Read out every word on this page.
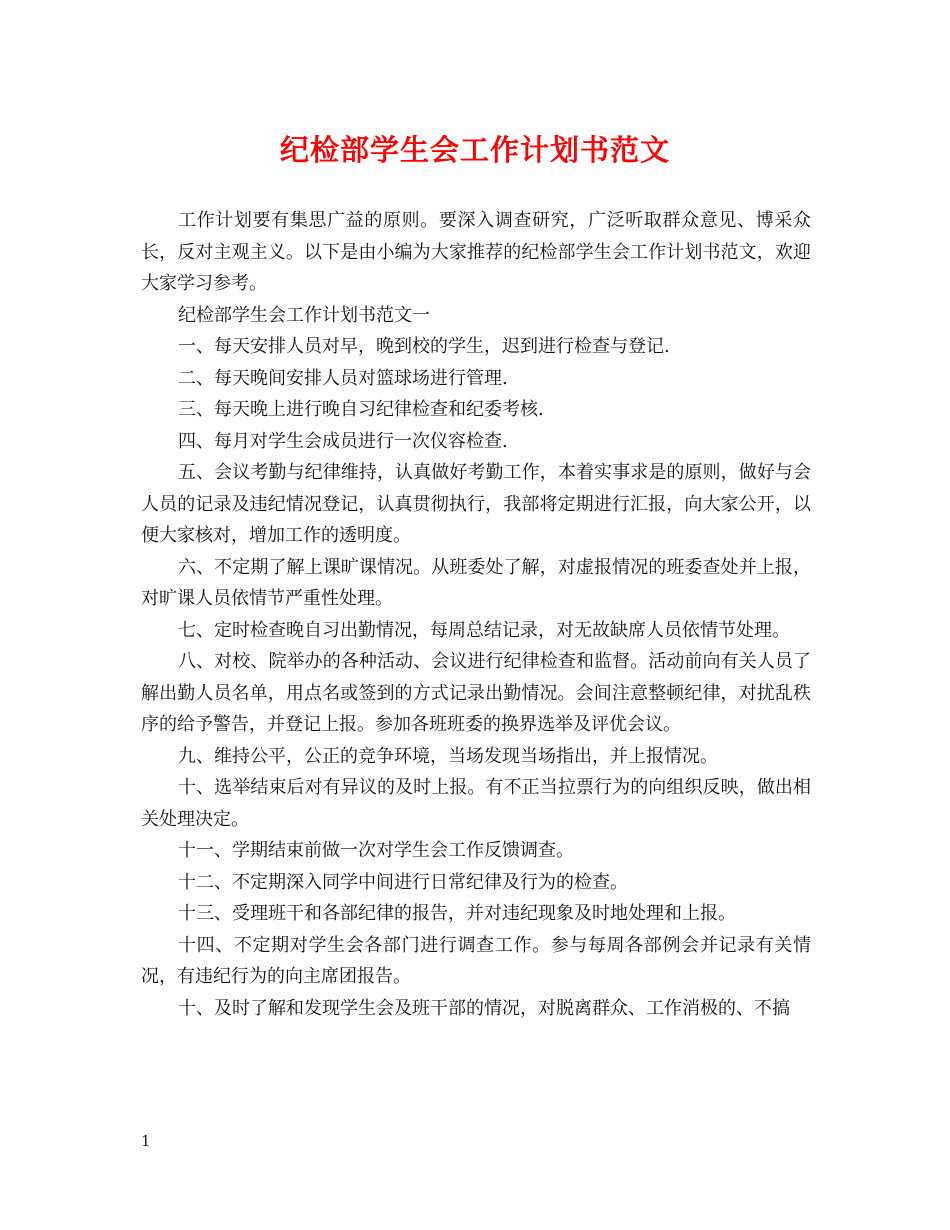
纪检部学生会工作计划书范文

工作计划要有集思广益的原则。要深入调查研究，广泛听取群众意见、博采众长，反对主观主义。以下是由小编为大家推荐的纪检部学生会工作计划书范文，欢迎大家学习参考。

纪检部学生会工作计划书范文一

一、每天安排人员对早，晚到校的学生，迟到进行检查与登记.

二、每天晚间安排人员对篮球场进行管理.

三、每天晚上进行晚自习纪律检查和纪委考核.

四、每月对学生会成员进行一次仪容检查.

五、会议考勤与纪律维持，认真做好考勤工作，本着实事求是的原则，做好与会人员的记录及违纪情况登记，认真贯彻执行，我部将定期进行汇报，向大家公开，以便大家核对，增加工作的透明度。

六、不定期了解上课旷课情况。从班委处了解，对虚报情况的班委查处并上报，对旷课人员依情节严重性处理。

七、定时检查晚自习出勤情况，每周总结记录，对无故缺席人员依情节处理。

八、对校、院举办的各种活动、会议进行纪律检查和监督。活动前向有关人员了解出勤人员名单，用点名或签到的方式记录出勤情况。会间注意整顿纪律，对扰乱秩序的给予警告，并登记上报。参加各班班委的换界选举及评优会议。

九、维持公平，公正的竞争环境，当场发现当场指出，并上报情况。

十、选举结束后对有异议的及时上报。有不正当拉票行为的向组织反映，做出相关处理决定。

十一、学期结束前做一次对学生会工作反馈调查。

十二、不定期深入同学中间进行日常纪律及行为的检查。

十三、受理班干和各部纪律的报告，并对违纪现象及时地处理和上报。

十四、不定期对学生会各部门进行调查工作。参与每周各部例会并记录有关情况，有违纪行为的向主席团报告。

十、及时了解和发现学生会及班干部的情况，对脱离群众、工作消极的、不搞

1
